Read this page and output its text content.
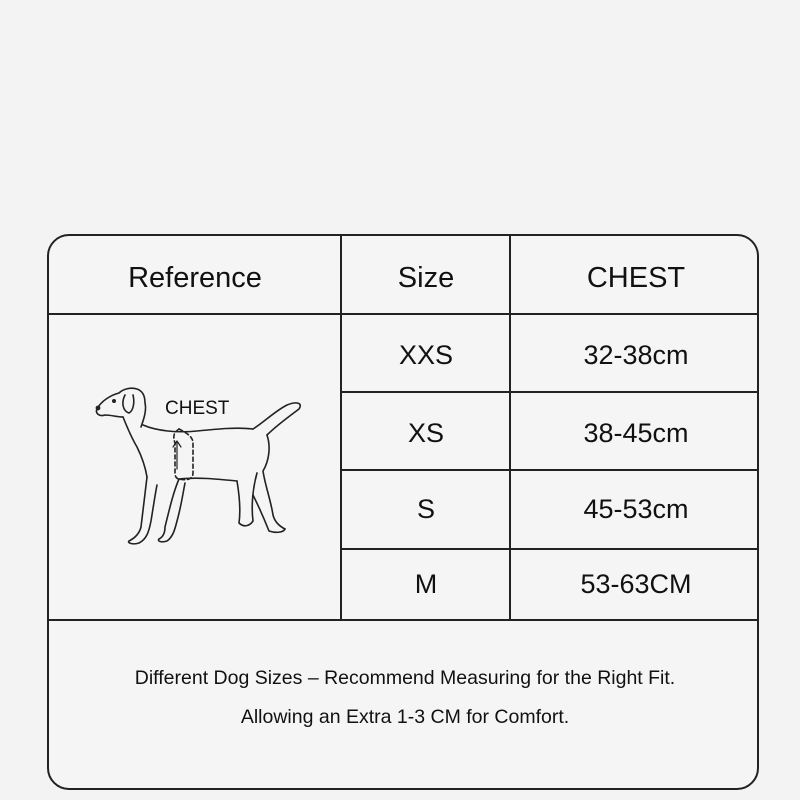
Reference	Size	CHEST
CHEST
XXS	32-38cm
XS	38-45cm
S	45-53cm
M	53-63CM
Different Dog Sizes – Recommend Measuring for the Right Fit.
Allowing an Extra 1-3 CM for Comfort.
